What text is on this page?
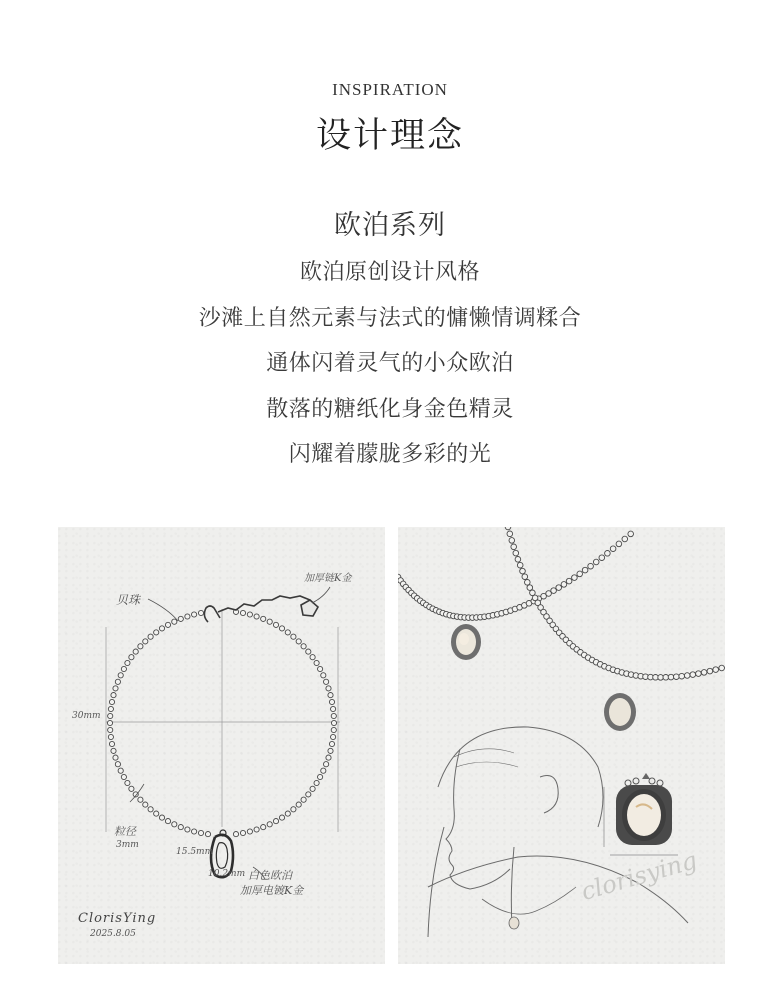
INSPIRATION
设计理念
欧泊系列
欧泊原创设计风格
沙滩上自然元素与法式的慵懒情调糅合
通体闪着灵气的小众欧泊
散落的糖纸化身金色精灵
闪耀着朦胧多彩的光
贝珠
加厚链K金
30mm
粒径
3mm
15.5mm
10.2mm 白色欧泊
加厚电镀K金
ClorisYing
2025.8.05
clorisying
